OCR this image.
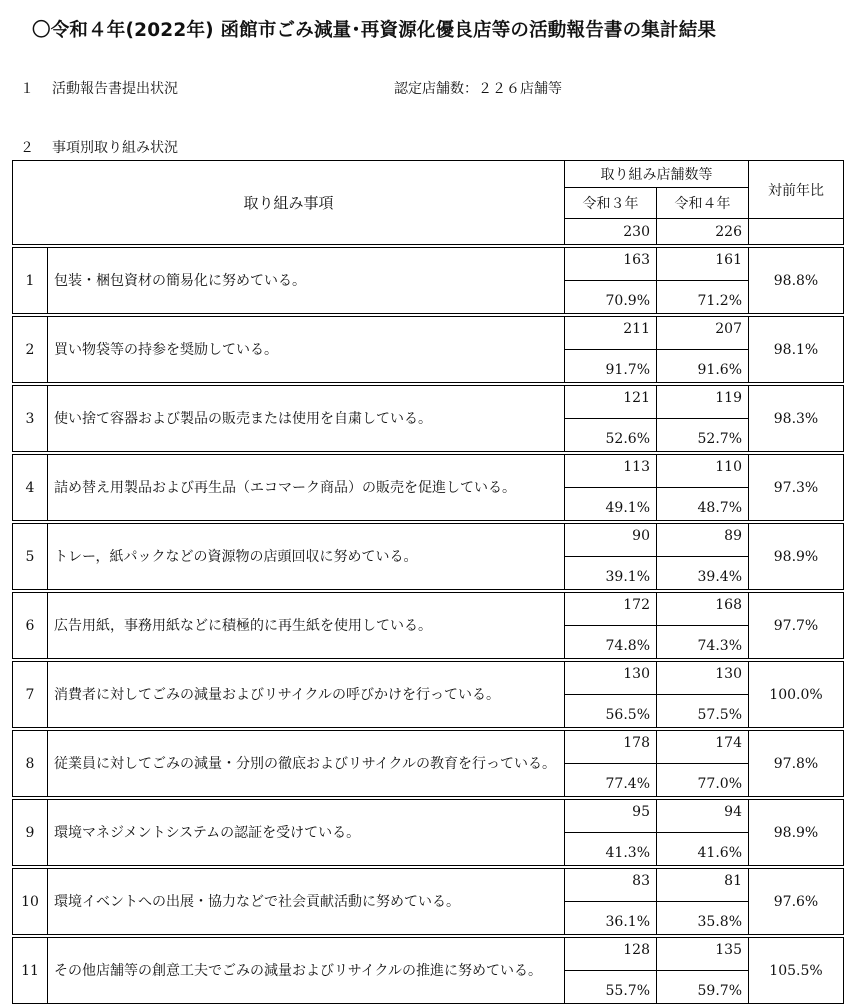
〇令和４年(2022年) 函館市ごみ減量･再資源化優良店等の活動報告書の集計結果
１ 活動報告書提出状況	認定店舗数：２２６店舗等
２ 事項別取り組み状況
取り組み事項		取り組み店舗数等		対前年比
		令和３年	令和４年	
		230	226	

1	包装・梱包資材の簡易化に努めている。	163	161	98.8%
		70.9%	71.2%	

2	買い物袋等の持参を奨励している。	211	207	98.1%
		91.7%	91.6%	

3	使い捨て容器および製品の販売または使用を自粛している。	121	119	98.3%
		52.6%	52.7%	

4	詰め替え用製品および再生品（エコマーク商品）の販売を促進している。	113	110	97.3%
		49.1%	48.7%	

5	トレー，紙パックなどの資源物の店頭回収に努めている。	90	89	98.9%
		39.1%	39.4%	

6	広告用紙，事務用紙などに積極的に再生紙を使用している。	172	168	97.7%
		74.8%	74.3%	

7	消費者に対してごみの減量およびリサイクルの呼びかけを行っている。	130	130	100.0%
		56.5%	57.5%	

8	従業員に対してごみの減量・分別の徹底およびリサイクルの教育を行っている。	178	174	97.8%
		77.4%	77.0%	

9	環境マネジメントシステムの認証を受けている。	95	94	98.9%
		41.3%	41.6%	

10	環境イベントへの出展・協力などで社会貢献活動に努めている。	83	81	97.6%
		36.1%	35.8%	

11	その他店舗等の創意工夫でごみの減量およびリサイクルの推進に努めている。	128	135	105.5%
		55.7%	59.7%	
